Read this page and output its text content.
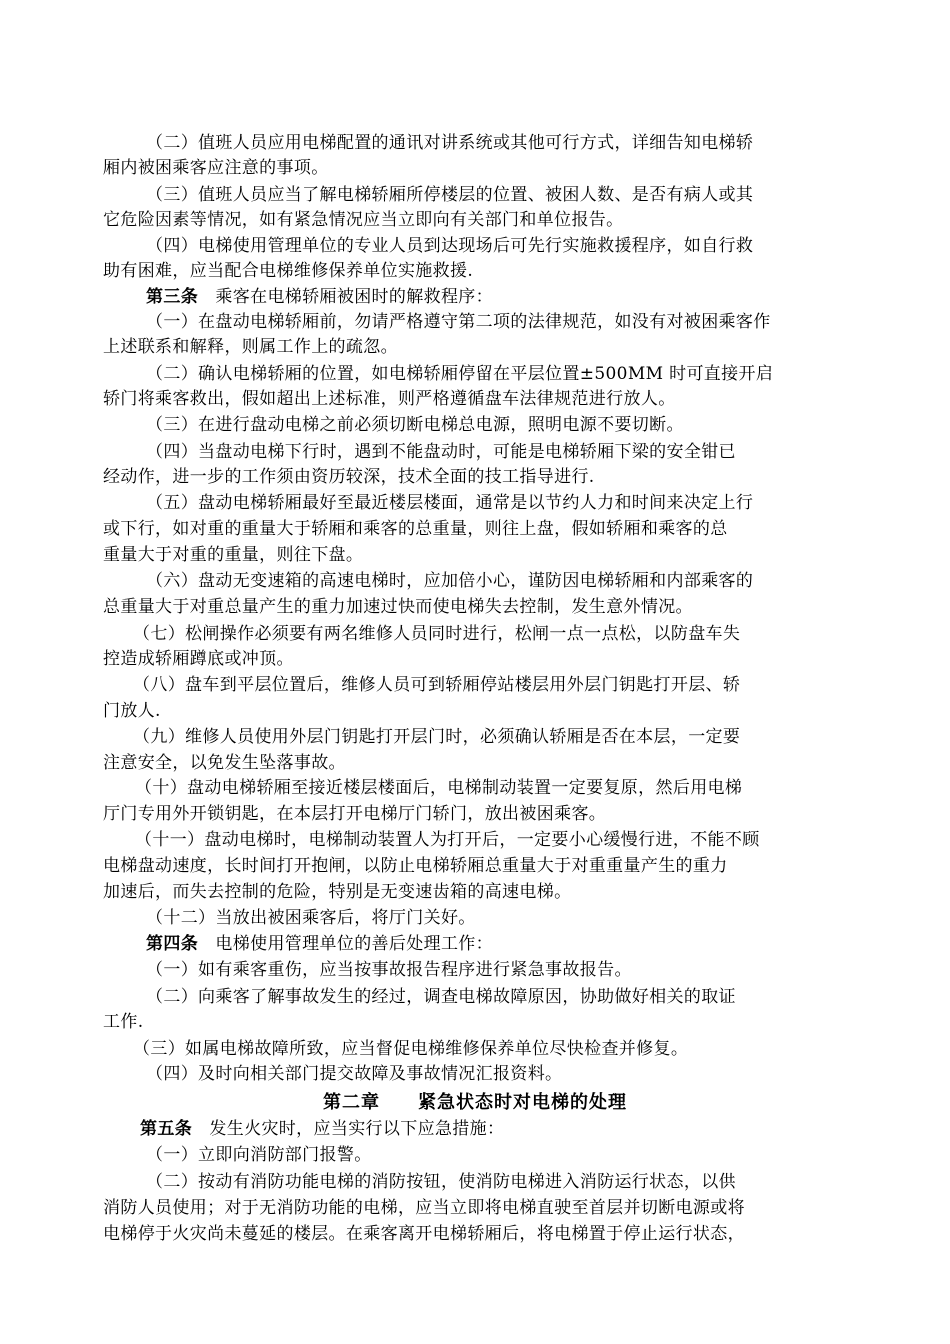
（二）值班人员应用电梯配置的通讯对讲系统或其他可行方式，详细告知电梯轿
厢内被困乘客应注意的事项。
（三）值班人员应当了解电梯轿厢所停楼层的位置、被困人数、是否有病人或其
它危险因素等情况，如有紧急情况应当立即向有关部门和单位报告。
（四）电梯使用管理单位的专业人员到达现场后可先行实施救援程序，如自行救
助有困难，应当配合电梯维修保养单位实施救援.
第三条　乘客在电梯轿厢被困时的解救程序：
（一）在盘动电梯轿厢前，勿请严格遵守第二项的法律规范，如没有对被困乘客作
上述联系和解释，则属工作上的疏忽。
（二）确认电梯轿厢的位置，如电梯轿厢停留在平层位置±500MM 时可直接开启
轿门将乘客救出，假如超出上述标准，则严格遵循盘车法律规范进行放人。
（三）在进行盘动电梯之前必须切断电梯总电源，照明电源不要切断。
（四）当盘动电梯下行时，遇到不能盘动时，可能是电梯轿厢下梁的安全钳已
经动作，进一步的工作须由资历较深，技术全面的技工指导进行.
（五）盘动电梯轿厢最好至最近楼层楼面，通常是以节约人力和时间来决定上行
或下行，如对重的重量大于轿厢和乘客的总重量，则往上盘，假如轿厢和乘客的总
重量大于对重的重量，则往下盘。
（六）盘动无变速箱的高速电梯时，应加倍小心，谨防因电梯轿厢和内部乘客的
总重量大于对重总量产生的重力加速过快而使电梯失去控制，发生意外情况。
（七）松闸操作必须要有两名维修人员同时进行，松闸一点一点松，以防盘车失
控造成轿厢蹲底或冲顶。
（八）盘车到平层位置后，维修人员可到轿厢停站楼层用外层门钥匙打开层、轿
门放人.
（九）维修人员使用外层门钥匙打开层门时，必须确认轿厢是否在本层，一定要
注意安全，以免发生坠落事故。
（十）盘动电梯轿厢至接近楼层楼面后，电梯制动装置一定要复原，然后用电梯
厅门专用外开锁钥匙，在本层打开电梯厅门轿门，放出被困乘客。
（十一）盘动电梯时，电梯制动装置人为打开后，一定要小心缓慢行进，不能不顾
电梯盘动速度，长时间打开抱闸，以防止电梯轿厢总重量大于对重重量产生的重力
加速后，而失去控制的危险，特别是无变速齿箱的高速电梯。
（十二）当放出被困乘客后，将厅门关好。
第四条　电梯使用管理单位的善后处理工作：
（一）如有乘客重伤，应当按事故报告程序进行紧急事故报告。
（二）向乘客了解事故发生的经过，调查电梯故障原因，协助做好相关的取证
工作.
（三）如属电梯故障所致，应当督促电梯维修保养单位尽快检查并修复。
（四）及时向相关部门提交故障及事故情况汇报资料。
第二章　　紧急状态时对电梯的处理
第五条　发生火灾时，应当实行以下应急措施：
（一）立即向消防部门报警。
（二）按动有消防功能电梯的消防按钮，使消防电梯进入消防运行状态，以供
消防人员使用；对于无消防功能的电梯，应当立即将电梯直驶至首层并切断电源或将
电梯停于火灾尚未蔓延的楼层。在乘客离开电梯轿厢后，将电梯置于停止运行状态，
